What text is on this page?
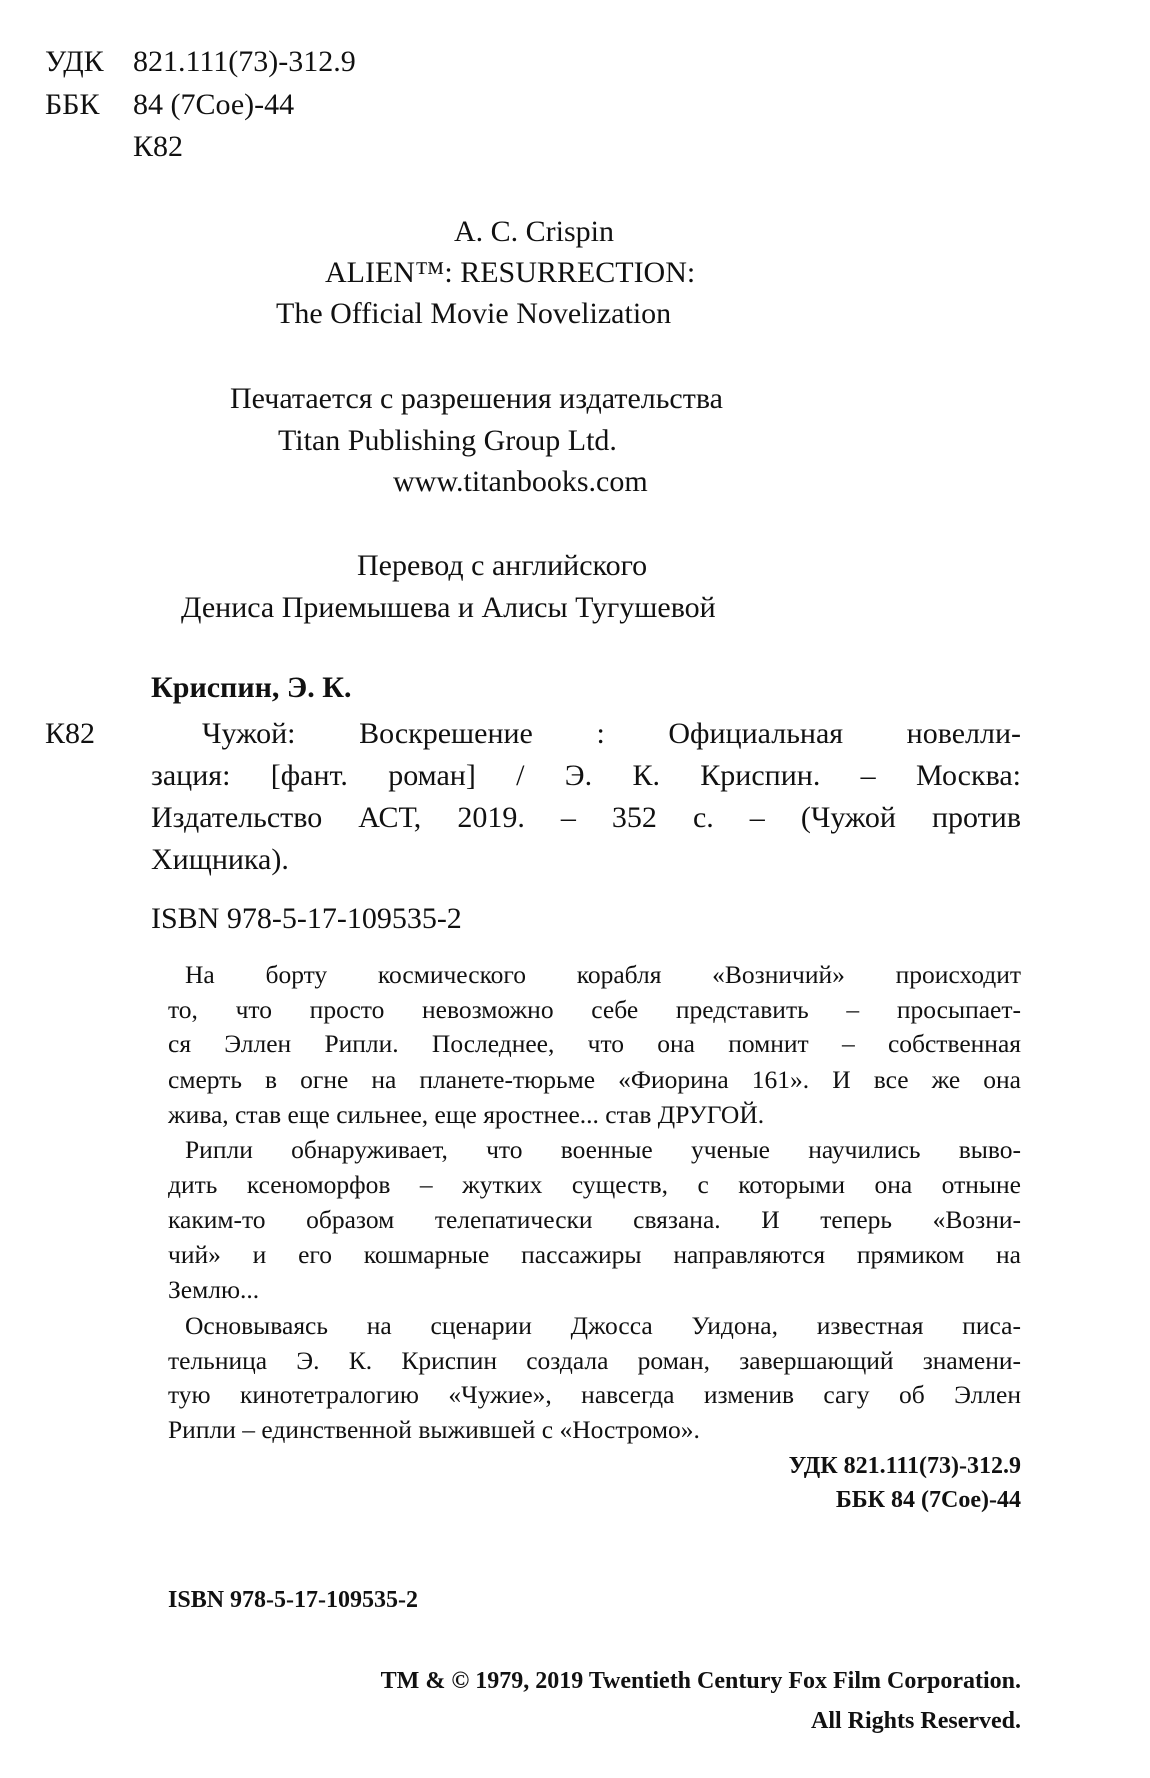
УДК 821.111(73)-312.9
ББК 84 (7Сое)-44
К82
A. C. Crispin
ALIEN™: RESURRECTION:
The Official Movie Novelization
Печатается с разрешения издательства
Titan Publishing Group Ltd.
www.titanbooks.com
Перевод с английского
Дениса Приемышева и Алисы Тугушевой
Криспин, Э. К.
К82	Чужой: Воскрешение : Официальная новелли-
зация: [фант. роман] / Э. К. Криспин. – Москва:
Издательство АСТ, 2019. – 352 с. – (Чужой против
Хищника).
ISBN 978-5-17-109535-2
На борту космического корабля «Возничий» происходит
то, что просто невозможно себе представить – просыпает-
ся Эллен Рипли. Последнее, что она помнит – собственная
смерть в огне на планете-тюрьме «Фиорина 161». И все же она
жива, став еще сильнее, еще яростнее... став ДРУГОЙ.
Рипли обнаруживает, что военные ученые научились выво-
дить ксеноморфов – жутких существ, с которыми она отныне
каким-то образом телепатически связана. И теперь «Возни-
чий» и его кошмарные пассажиры направляются прямиком на
Землю...
Основываясь на сценарии Джосса Уидона, известная писа-
тельница Э. К. Криспин создала роман, завершающий знамени-
тую кинотетралогию «Чужие», навсегда изменив сагу об Эллен
Рипли – единственной выжившей с «Ностромо».
УДК 821.111(73)-312.9
ББК 84 (7Сое)-44
ISBN 978-5-17-109535-2
TM & © 1979, 2019 Twentieth Century Fox Film Corporation.
All Rights Reserved.
